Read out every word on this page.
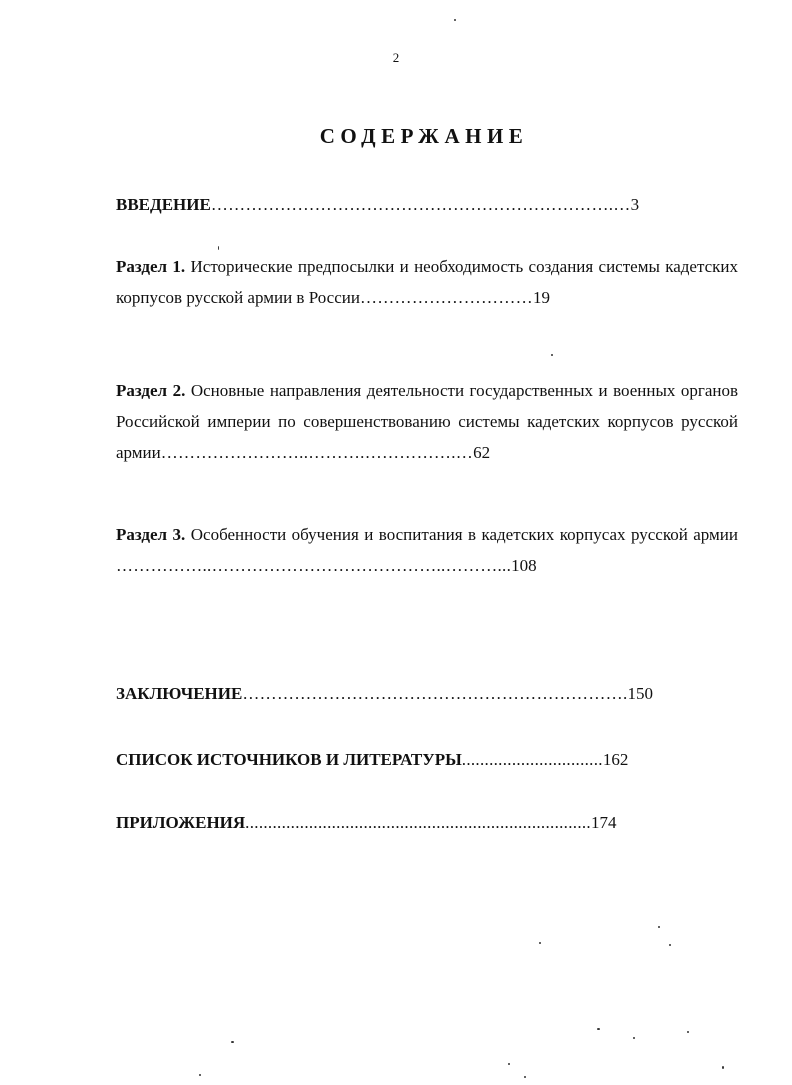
2
СОДЕРЖАНИЕ
ВВЕДЕНИЕ…………………………………………………………….…3
Раздел 1. Исторические предпосылки и необходимость создания системы кадетских корпусов русской армии в России…………………………19
Раздел 2. Основные направления деятельности государственных и военных органов Российской империи по совершенствованию системы кадетских корпусов русской армии……………………..……….…………….…62
Раздел 3. Особенности обучения и воспитания в кадетских корпусах русской армии ……………..…………………………………..………...108
ЗАКЛЮЧЕНИЕ………………………………………………………….150
СПИСОК ИСТОЧНИКОВ И ЛИТЕРАТУРЫ...............................162
ПРИЛОЖЕНИЯ............................................................................174
